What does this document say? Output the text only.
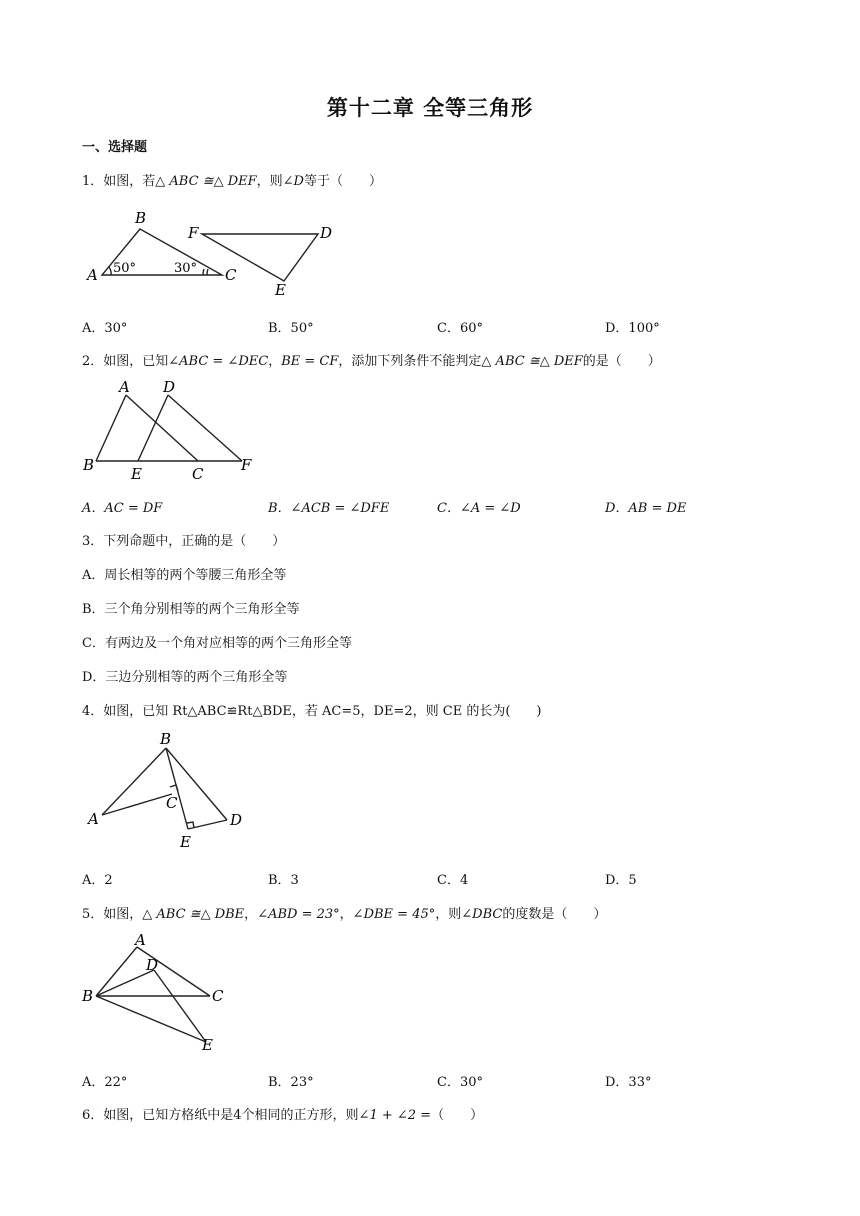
第十二章 全等三角形
一、选择题
1．如图，若△ ABC ≅△ DEF，则∠D等于（　　）
B
F	D
A	C
E
50°	30°
A．30°	B．50°	C．60°	D．100°
2．如图，已知∠ABC = ∠DEC，BE = CF，添加下列条件不能判定△ ABC ≅△ DEF的是（　　）
A D
B E	C	F
A．AC = DF	B．∠ACB = ∠DFE	C．∠A = ∠D	D．AB = DE
3．下列命题中，正确的是（　　）
A．周长相等的两个等腰三角形全等
B．三个角分别相等的两个三角形全等
C．有两边及一个角对应相等的两个三角形全等
D．三边分别相等的两个三角形全等
4．如图，已知 Rt△ABC≌Rt△BDE，若 AC=5，DE=2，则 CE 的长为(　　)
B
A
C
D
E
A．2	B．3	C．4	D．5
5．如图，△ ABC ≅△ DBE，∠ABD = 23°，∠DBE = 45°，则∠DBC的度数是（　　）
A
D
B	C
E
A．22°	B．23°	C．30°	D．33°
6．如图，已知方格纸中是4个相同的正方形，则∠1 + ∠2 =（　　）
